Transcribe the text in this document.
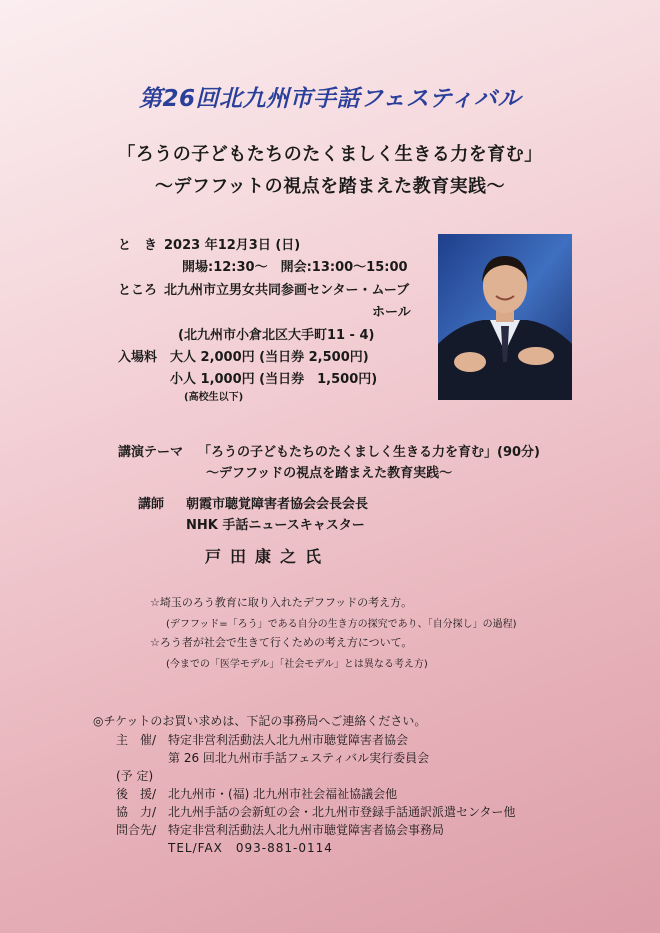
第26回北九州市手話フェスティバル
「ろうの子どもたちのたくましく生きる力を育む」
〜デフフットの視点を踏まえた教育実践〜
と　き 2023 年12月3日 (日)
開場:12:30〜　開会:13:00〜15:00
ところ 北九州市立男女共同参画センター・ムーブ
ホール
(北九州市小倉北区大手町11 - 4)
入場料 大人 2,000円 (当日券 2,500円)
小人 1,000円 (当日券　1,500円)
(高校生以下)
講演テーマ 「ろうの子どもたちのたくましく生きる力を育む」(90分)
〜デフフッドの視点を踏まえた教育実践〜
講師 朝霞市聴覚障害者協会会長会長
NHK 手話ニュースキャスター
戸田康之氏
☆埼玉のろう教育に取り入れたデフフッドの考え方。
(デフフッド=「ろう」である自分の生き方の探究であり、「自分探し」の過程)
☆ろう者が社会で生きて行くための考え方について。
(今までの「医学モデル」「社会モデル」とは異なる考え方)
◎チケットのお買い求めは、下記の事務局へご連絡ください。
主　催/ 特定非営利活動法人北九州市聴覚障害者協会
第 26 回北九州市手話フェスティバル実行委員会
(予 定)
後　援/ 北九州市・(福) 北九州市社会福祉協議会他
協　力/ 北九州手話の会新虹の会・北九州市登録手話通訳派遣センター他
問合先/ 特定非営利活動法人北九州市聴覚障害者協会事務局
TEL/FAX　093-881-0114
